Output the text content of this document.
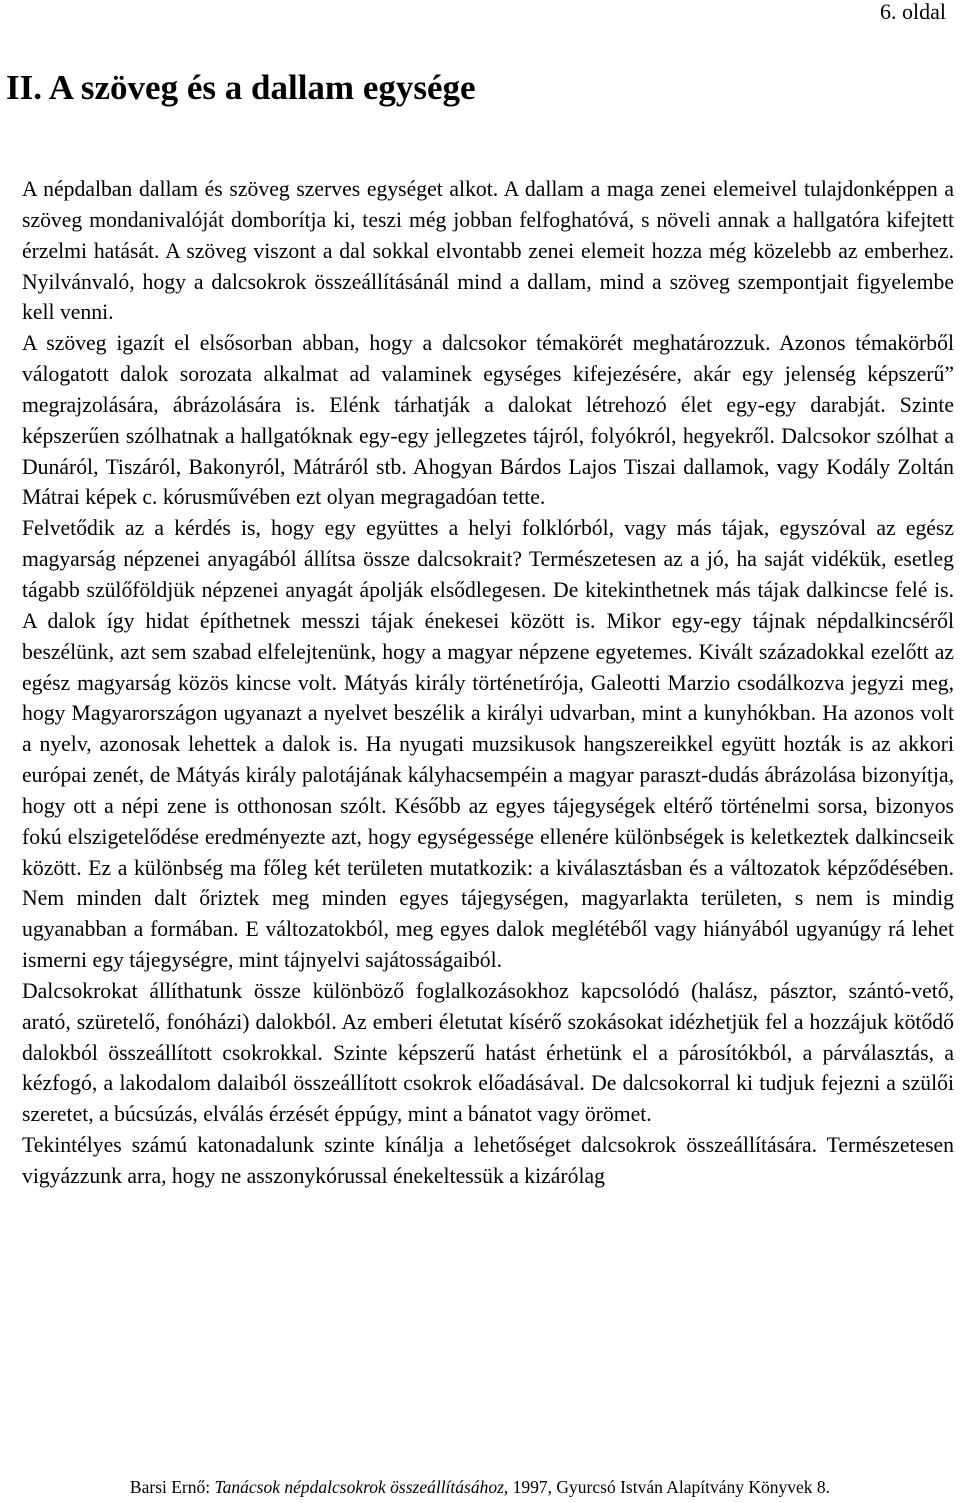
6. oldal
II. A szöveg és a dallam egysége

A népdalban dallam és szöveg szerves egységet alkot. A dallam a maga zenei elemeivel tulajdonképpen a szöveg mondanivalóját domborítja ki, teszi még jobban felfoghatóvá, s növeli annak a hallgatóra kifejtett érzelmi hatását. A szöveg viszont a dal sokkal elvontabb zenei elemeit hozza még közelebb az emberhez. Nyilvánvaló, hogy a dalcsokrok összeállításánál mind a dallam, mind a szöveg szempontjait figyelembe kell venni.

A szöveg igazít el elsősorban abban, hogy a dalcsokor témakörét meghatározzuk. Azonos témakörből válogatott dalok sorozata alkalmat ad valaminek egységes kifejezésére, akár egy jelenség képszerű” megrajzolására, ábrázolására is. Elénk tárhatják a dalokat létrehozó élet egy-egy darabját. Szinte képszerűen szólhatnak a hallgatóknak egy-egy jellegzetes tájról, folyókról, hegyekről. Dalcsokor szólhat a Dunáról, Tiszáról, Bakonyról, Mátráról stb. Ahogyan Bárdos Lajos Tiszai dallamok, vagy Kodály Zoltán Mátrai képek c. kórusművében ezt olyan megragadóan tette.

Felvetődik az a kérdés is, hogy egy együttes a helyi folklórból, vagy más tájak, egyszóval az egész magyarság népzenei anyagából állítsa össze dalcsokrait? Természetesen az a jó, ha saját vidékük, esetleg tágabb szülőföldjük népzenei anyagát ápolják elsődlegesen. De kitekinthetnek más tájak dalkincse felé is. A dalok így hidat építhetnek messzi tájak énekesei között is. Mikor egy-egy tájnak népdalkincséről beszélünk, azt sem szabad elfelejtenünk, hogy a magyar népzene egyetemes. Kivált századokkal ezelőtt az egész magyarság közös kincse volt. Mátyás király történetírója, Galeotti Marzio csodálkozva jegyzi meg, hogy Magyarországon ugyanazt a nyelvet beszélik a királyi udvarban, mint a kunyhókban. Ha azonos volt a nyelv, azonosak lehettek a dalok is. Ha nyugati muzsikusok hangszereikkel együtt hozták is az akkori európai zenét, de Mátyás király palotájának kályhacsempéin a magyar paraszt-dudás ábrázolása bizonyítja, hogy ott a népi zene is otthonosan szólt. Később az egyes tájegységek eltérő történelmi sorsa, bizonyos fokú elszigetelődése eredményezte azt, hogy egységessége ellenére különbségek is keletkeztek dalkincseik között. Ez a különbség ma főleg két területen mutatkozik: a kiválasztásban és a változatok képződésében. Nem minden dalt őriztek meg minden egyes tájegységen, magyarlakta területen, s nem is mindig ugyanabban a formában. E változatokból, meg egyes dalok meglétéből vagy hiányából ugyanúgy rá lehet ismerni egy tájegységre, mint tájnyelvi sajátosságaiból.

Dalcsokrokat állíthatunk össze különböző foglalkozásokhoz kapcsolódó (halász, pásztor, szántó-vető, arató, szüretelő, fonóházi) dalokból. Az emberi életutat kísérő szokásokat idézhetjük fel a hozzájuk kötődő dalokból összeállított csokrokkal. Szinte képszerű hatást érhetünk el a párosítókból, a párválasztás, a kézfogó, a lakodalom dalaiból összeállított csokrok előadásával. De dalcsokorral ki tudjuk fejezni a szülői szeretet, a búcsúzás, elválás érzését éppúgy, mint a bánatot vagy örömet.

Tekintélyes számú katonadalunk szinte kínálja a lehetőséget dalcsokrok összeállítására. Természetesen vigyázzunk arra, hogy ne asszonykórussal énekeltessük a kizárólag

Barsi Ernő: Tanácsok népdalcsokrok összeállításához, 1997, Gyurcsó István Alapítvány Könyvek 8.
